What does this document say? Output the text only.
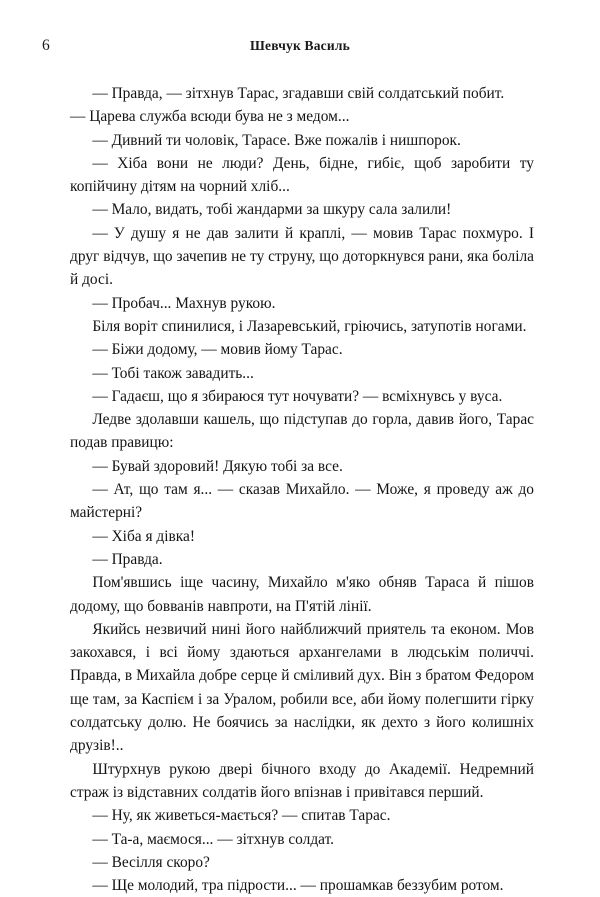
6	Шевчук Василь

— Правда, — зітхнув Тарас, згадавши свій солдатський побит.

— Царева служба всюди бува не з медом...

— Дивний ти чоловік, Тарасе. Вже пожалів і нишпорок.

— Хіба вони не люди? День, бідне, гибіє, щоб заробити ту копійчину дітям на чорний хліб...

— Мало, видать, тобі жандарми за шкуру сала залили!

— У душу я не дав залити й краплі, — мовив Тарас похмуро. І друг відчув, що зачепив не ту струну, що доторкнувся рани, яка боліла й досі.

— Пробач... Махнув рукою.

Біля воріт спинилися, і Лазаревський, гріючись, затупотів ногами.

— Біжи додому, — мовив йому Тарас.

— Тобі також завадить...

— Гадаєш, що я збираюся тут ночувати? — всміхнувсь у вуса.

Ледве здолавши кашель, що підступав до горла, давив його, Тарас подав правицю:

— Бувай здоровий! Дякую тобі за все.

— Ат, що там я... — сказав Михайло. — Може, я проведу аж до майстерні?

— Хіба я дівка!

— Правда.

Пом'явшись іще часину, Михайло м'яко обняв Тараса й пішов додому, що бовванів навпроти, на П'ятій лінії.

Якийсь незвичий нині його найближчий приятель та економ. Мов закохався, і всі йому здаються архангелами в людськім поличчі. Правда, в Михайла добре серце й сміливий дух. Він з братом Федором ще там, за Каспієм і за Уралом, робили все, аби йому полегшити гірку солдатську долю. Не боячись за наслідки, як дехто з його колишніх друзів!..

Штурхнув рукою двері бічного входу до Академії. Недремний страж із відставних солдатів його впізнав і привітався перший.

— Ну, як живеться-мається? — спитав Тарас.

— Та-а, маємося... — зітхнув солдат.

— Весілля скоро?

— Ще молодий, тра підрости... — прошамкав беззубим ротом.
